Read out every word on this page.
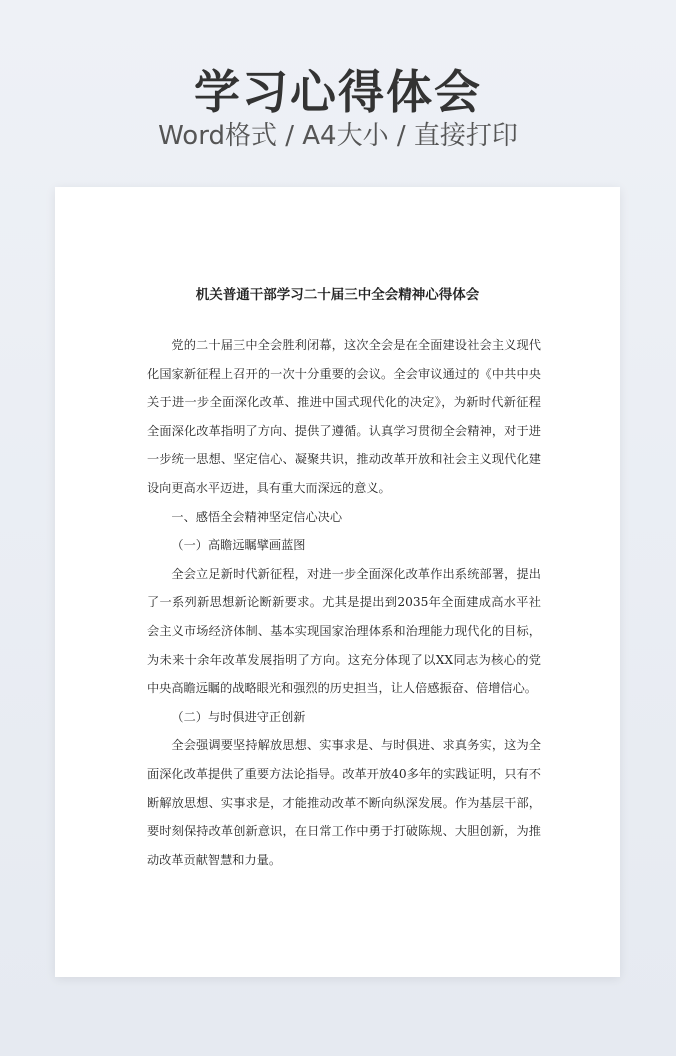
学习心得体会
Word格式 / A4大小 / 直接打印
机关普通干部学习二十届三中全会精神心得体会

党的二十届三中全会胜利闭幕，这次全会是在全面建设社会主义现代化国家新征程上召开的一次十分重要的会议。全会审议通过的《中共中央关于进一步全面深化改革、推进中国式现代化的决定》，为新时代新征程全面深化改革指明了方向、提供了遵循。认真学习贯彻全会精神，对于进一步统一思想、坚定信心、凝聚共识，推动改革开放和社会主义现代化建设向更高水平迈进，具有重大而深远的意义。

一、感悟全会精神坚定信心决心

（一）高瞻远瞩擘画蓝图

全会立足新时代新征程，对进一步全面深化改革作出系统部署，提出了一系列新思想新论断新要求。尤其是提出到2035年全面建成高水平社会主义市场经济体制、基本实现国家治理体系和治理能力现代化的目标，为未来十余年改革发展指明了方向。这充分体现了以XX同志为核心的党中央高瞻远瞩的战略眼光和强烈的历史担当，让人倍感振奋、倍增信心。

（二）与时俱进守正创新

全会强调要坚持解放思想、实事求是、与时俱进、求真务实，这为全面深化改革提供了重要方法论指导。改革开放40多年的实践证明，只有不断解放思想、实事求是，才能推动改革不断向纵深发展。作为基层干部，要时刻保持改革创新意识，在日常工作中勇于打破陈规、大胆创新，为推动改革贡献智慧和力量。
